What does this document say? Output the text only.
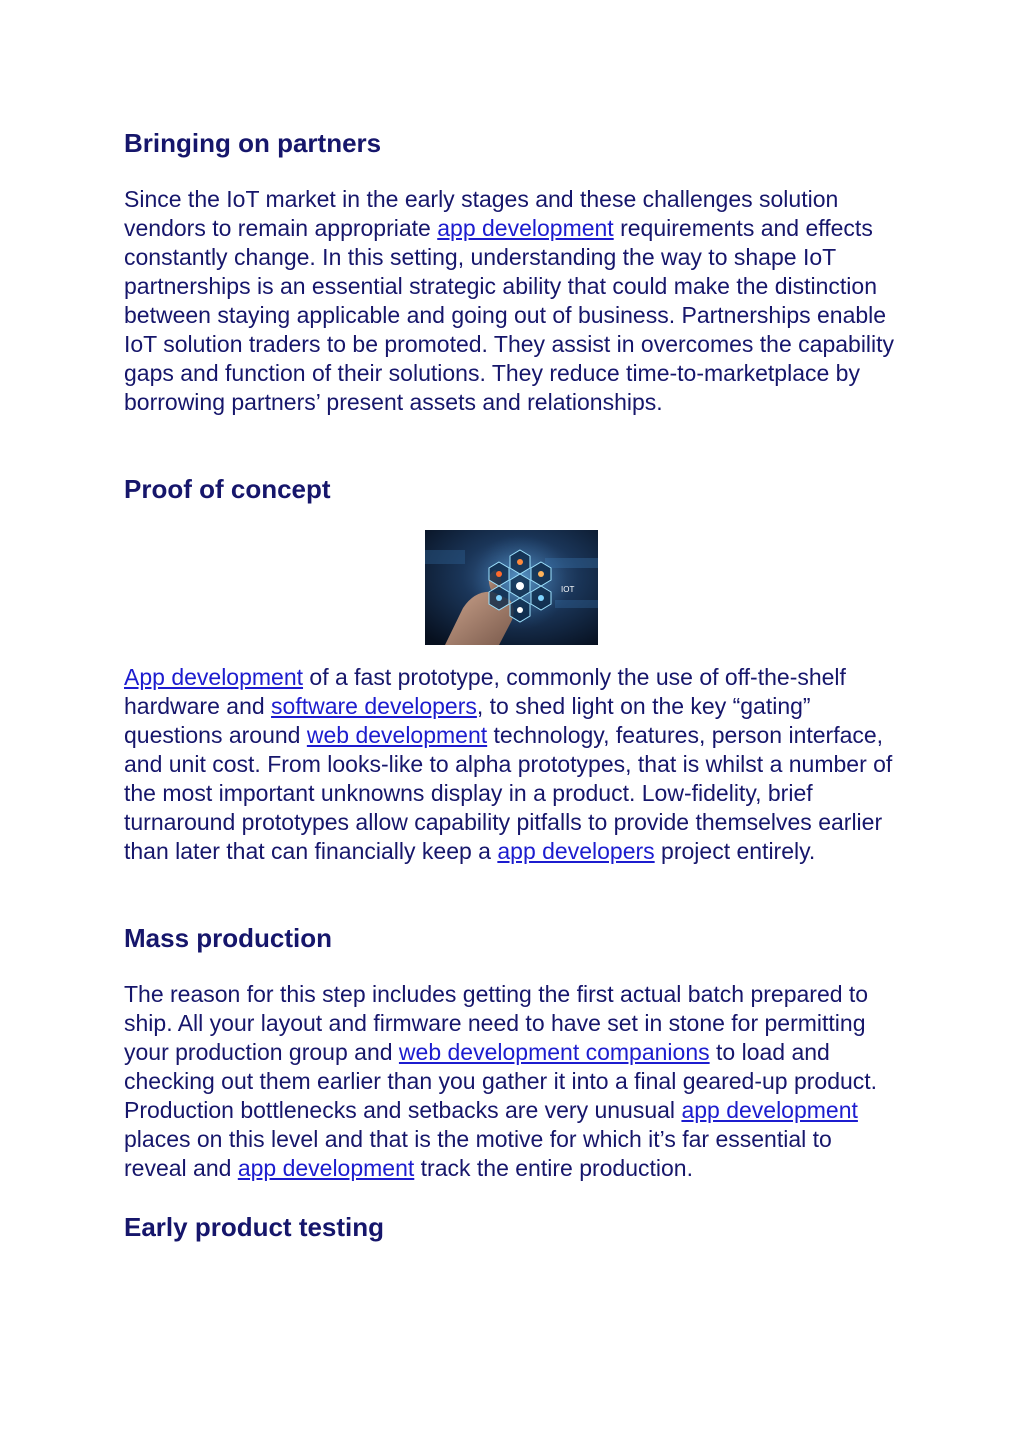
Bringing on partners

Since the IoT market in the early stages and these challenges solution vendors to remain appropriate app development requirements and effects constantly change. In this setting, understanding the way to shape IoT partnerships is an essential strategic ability that could make the distinction between staying applicable and going out of business. Partnerships enable IoT solution traders to be promoted. They assist in overcomes the capability gaps and function of their solutions. They reduce time-to-marketplace by borrowing partners’ present assets and relationships.

Proof of concept
IOT

App development of a fast prototype, commonly the use of off-the-shelf hardware and software developers, to shed light on the key “gating” questions around web development technology, features, person interface, and unit cost. From looks-like to alpha prototypes, that is whilst a number of the most important unknowns display in a product. Low-fidelity, brief turnaround prototypes allow capability pitfalls to provide themselves earlier than later that can financially keep a app developers project entirely.

Mass production

The reason for this step includes getting the first actual batch prepared to ship. All your layout and firmware need to have set in stone for permitting your production group and web development companions to load and checking out them earlier than you gather it into a final geared-up product. Production bottlenecks and setbacks are very unusual app development places on this level and that is the motive for which it’s far essential to reveal and app development track the entire production.

Early product testing
